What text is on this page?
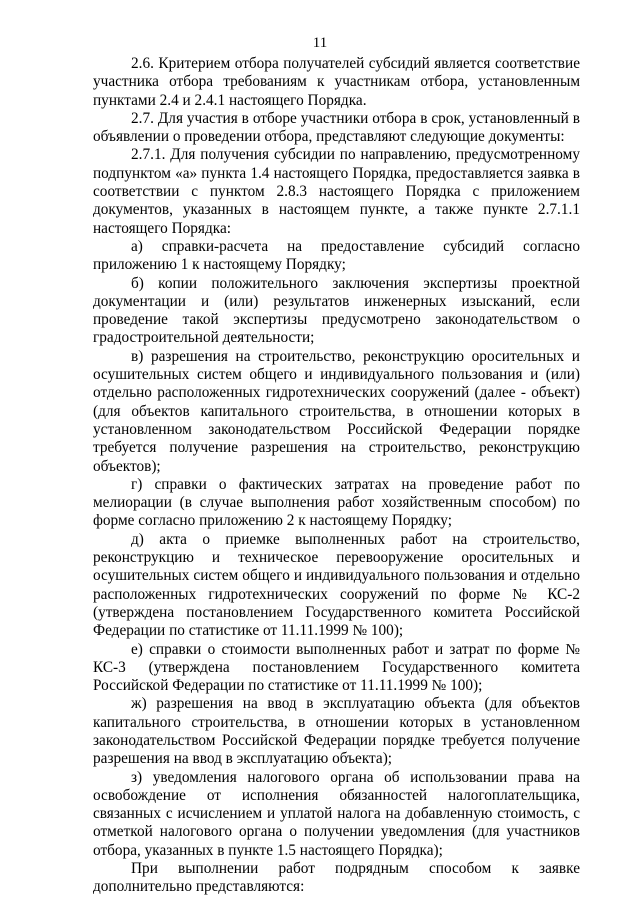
11

2.6. Критерием отбора получателей субсидий является соответствие участника отбора требованиям к участникам отбора, установленным пунктами 2.4 и 2.4.1 настоящего Порядка.

2.7. Для участия в отборе участники отбора в срок, установленный в объявлении о проведении отбора, представляют следующие документы:

2.7.1. Для получения субсидии по направлению, предусмотренному подпунктом «а» пункта 1.4 настоящего Порядка, предоставляется заявка в соответствии с пунктом 2.8.3 настоящего Порядка с приложением документов, указанных в настоящем пункте, а также пункте 2.7.1.1 настоящего Порядка:

а) справки-расчета на предоставление субсидий согласно приложению 1 к настоящему Порядку;

б) копии положительного заключения экспертизы проектной документации и (или) результатов инженерных изысканий, если проведение такой экспертизы предусмотрено законодательством о градостроительной деятельности;

в) разрешения на строительство, реконструкцию оросительных и осушительных систем общего и индивидуального пользования и (или) отдельно расположенных гидротехнических сооружений (далее - объект) (для объектов капитального строительства, в отношении которых в установленном законодательством Российской Федерации порядке требуется получение разрешения на строительство, реконструкцию объектов);

г) справки о фактических затратах на проведение работ по мелиорации (в случае выполнения работ хозяйственным способом) по форме согласно приложению 2 к настоящему Порядку;

д) акта о приемке выполненных работ на строительство, реконструкцию и техническое перевооружение оросительных и осушительных систем общего и индивидуального пользования и отдельно расположенных гидротехнических сооружений по форме № КС-2 (утверждена постановлением Государственного комитета Российской Федерации по статистике от 11.11.1999 № 100);

е) справки о стоимости выполненных работ и затрат по форме № КС-3 (утверждена постановлением Государственного комитета Российской Федерации по статистике от 11.11.1999 № 100);

ж) разрешения на ввод в эксплуатацию объекта (для объектов капитального строительства, в отношении которых в установленном законодательством Российской Федерации порядке требуется получение разрешения на ввод в эксплуатацию объекта);

з) уведомления налогового органа об использовании права на освобождение от исполнения обязанностей налогоплательщика, связанных с исчислением и уплатой налога на добавленную стоимость, с отметкой налогового органа о получении уведомления (для участников отбора, указанных в пункте 1.5 настоящего Порядка);

При выполнении работ подрядным способом к заявке дополнительно представляются:
